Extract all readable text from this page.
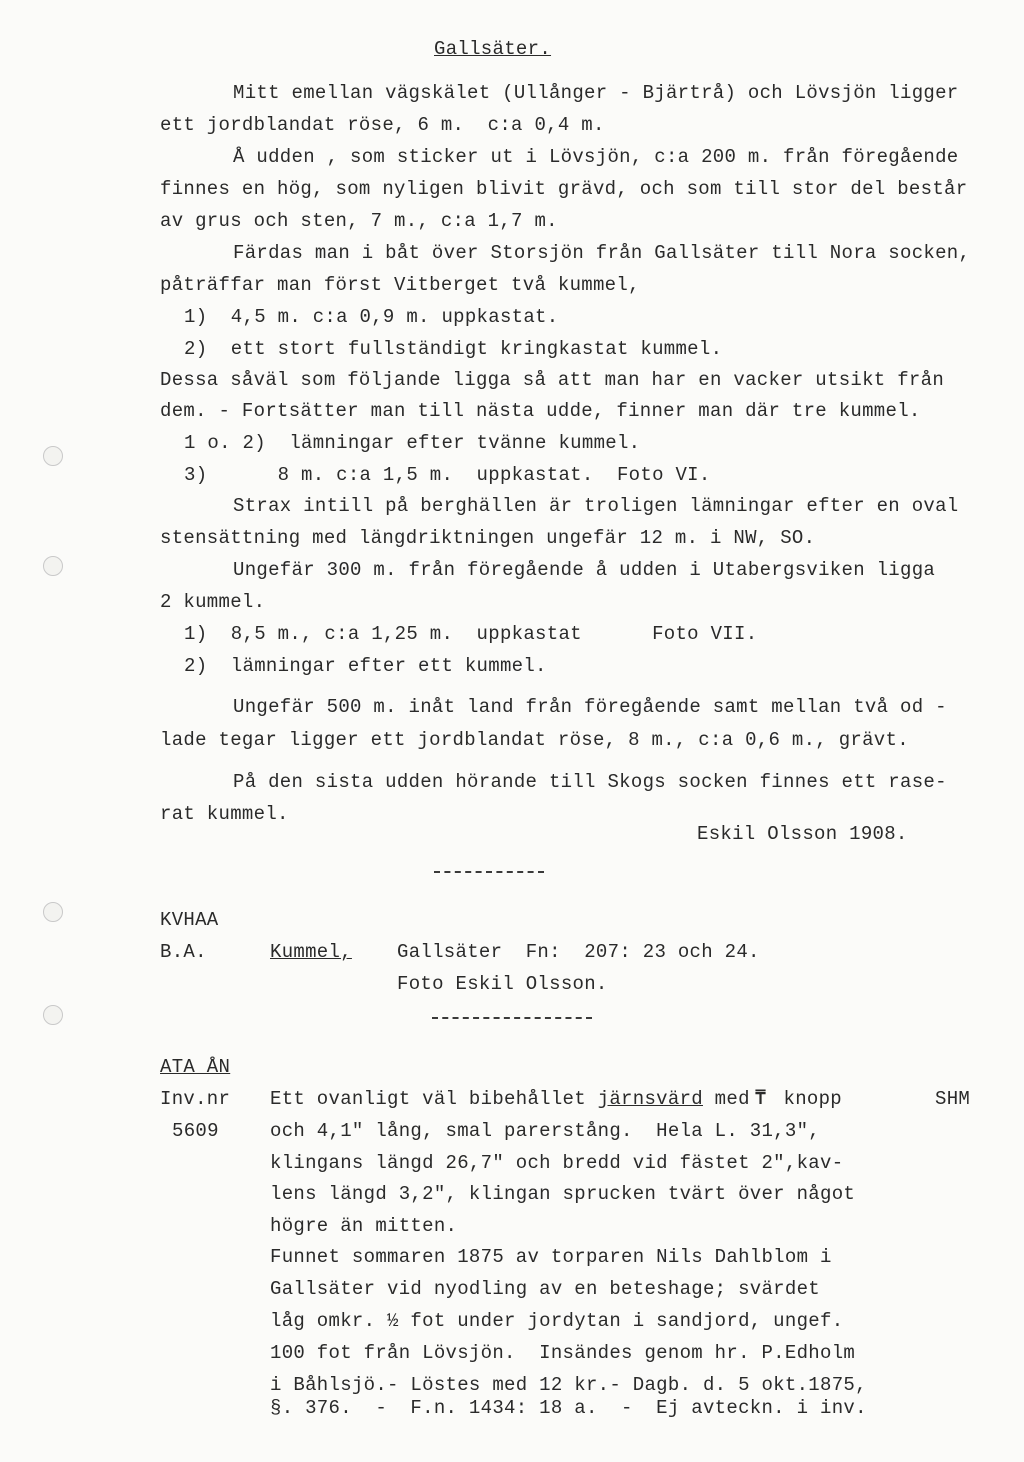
Gallsäter.
Mitt emellan vägskälet (Ullånger - Bjärtrå) och Lövsjön ligger
ett jordblandat röse, 6 m.  c:a 0,4 m.
Å udden , som sticker ut i Lövsjön, c:a 200 m. från föregående
finnes en hög, som nyligen blivit grävd, och som till stor del består
av grus och sten, 7 m., c:a 1,7 m.
Färdas man i båt över Storsjön från Gallsäter till Nora socken,
påträffar man först Vitberget två kummel,
1)  4,5 m. c:a 0,9 m. uppkastat.
2)  ett stort fullständigt kringkastat kummel.
Dessa såväl som följande ligga så att man har en vacker utsikt från
dem. - Fortsätter man till nästa udde, finner man där tre kummel.
1 o. 2)  lämningar efter tvänne kummel.
3)      8 m. c:a 1,5 m.  uppkastat.  Foto VI.
Strax intill på berghällen är troligen lämningar efter en oval
stensättning med längdriktningen ungefär 12 m. i NW, SO.
Ungefär 300 m. från föregående å udden i Utabergsviken ligga
2 kummel.
1)  8,5 m., c:a 1,25 m.  uppkastat      Foto VII.
2)  lämningar efter ett kummel.
Ungefär 500 m. inåt land från föregående samt mellan två od -
lade tegar ligger ett jordblandat röse, 8 m., c:a 0,6 m., grävt.
På den sista udden hörande till Skogs socken finnes ett rase-
rat kummel.
Eskil Olsson 1908.
KVHAA
B.A.	Kummel, Gallsäter  Fn:  207: 23 och 24.
Foto Eskil Olsson.
ATA ÅN
Inv.nr
5609
SHM
Ett ovanligt väl bibehållet järnsvärd med ⍑ knopp
och 4,1" lång, smal parerstång.  Hela L. 31,3",
klingans längd 26,7" och bredd vid fästet 2",kav-
lens längd 3,2", klingan sprucken tvärt över något
högre än mitten.
Funnet sommaren 1875 av torparen Nils Dahlblom i
Gallsäter vid nyodling av en beteshage; svärdet
låg omkr. ½ fot under jordytan i sandjord, ungef.
100 fot från Lövsjön.  Insändes genom hr. P.Edholm
i Båhlsjö.- Löstes med 12 kr.- Dagb. d. 5 okt.1875,
§. 376.  -  F.n. 1434: 18 a.  -  Ej avteckn. i inv.
